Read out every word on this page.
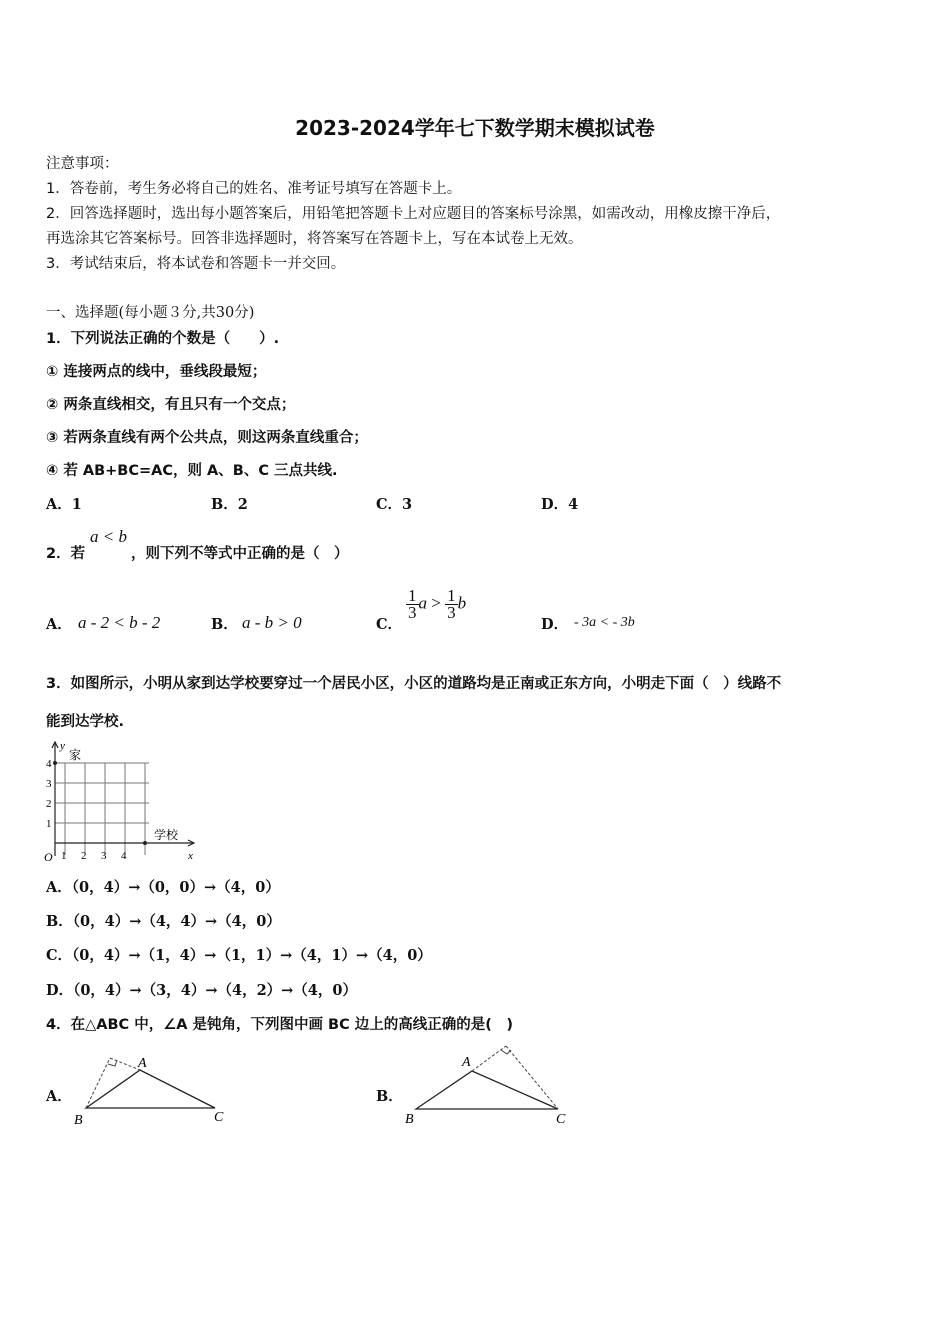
2023-2024学年七下数学期末模拟试卷
注意事项：
1．答卷前，考生务必将自己的姓名、准考证号填写在答题卡上。
2．回答选择题时，选出每小题答案后，用铅笔把答题卡上对应题目的答案标号涂黑，如需改动，用橡皮擦干净后，
再选涂其它答案标号。回答非选择题时，将答案写在答题卡上，写在本试卷上无效。
3．考试结束后，将本试卷和答题卡一并交回。
一、选择题(每小题３分,共30分)
1．下列说法正确的个数是（　　）.
① 连接两点的线中，垂线段最短；
② 两条直线相交，有且只有一个交点；
③ 若两条直线有两个公共点，则这两条直线重合；
④ 若 AB+BC=AC，则 A、B、C 三点共线.
A．1	B．2	C．3	D．4
2．若
a < b
，则下列不等式中正确的是（　）
A． a - 2 < b - 2	B． a - b > 0	C．
$\frac{1}{3}$ $a > \frac{1}{3}$ b
D． - 3a < - 3b
3．如图所示，小明从家到达学校要穿过一个居民小区，小区的道路均是正南或正东方向，小明走下面（　）线路不
能到达学校.
y
x
O
家
学校
1 2 3 4
1
2
3
4
A．（0，4）→（0，0）→（4，0）
B．（0，4）→（4，4）→（4，0）
C．（0，4）→（1，4）→（1，1）→（4，1）→（4，0）
D．（0，4）→（3，4）→（4，2）→（4，0）
4．在△ABC 中，∠A 是钝角，下列图中画 BC 边上的高线正确的是(　)
A．
A
B	C
B．
A
B	C
